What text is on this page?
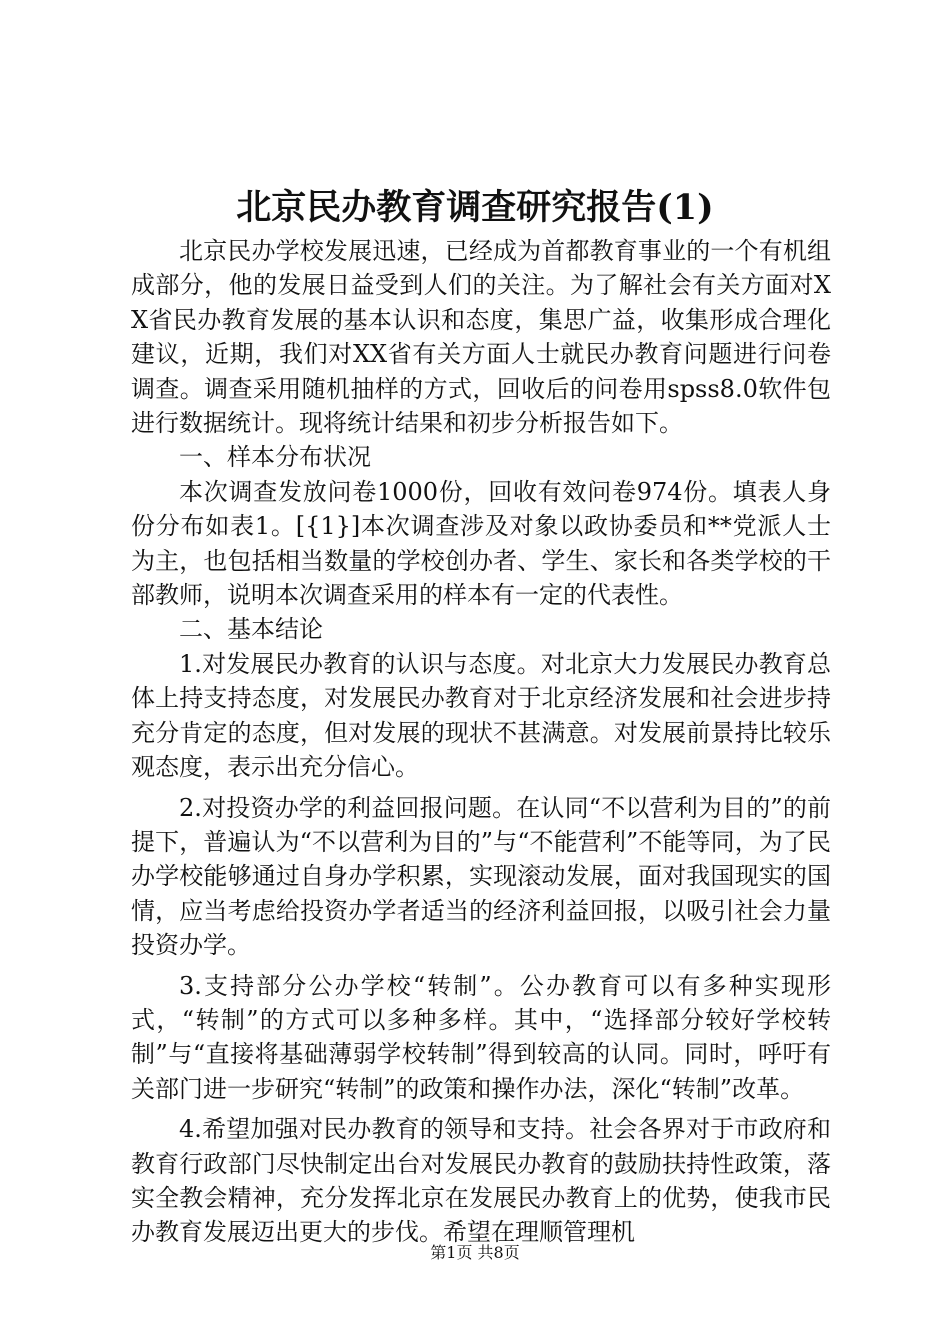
北京民办教育调查研究报告(1)

北京民办学校发展迅速，已经成为首都教育事业的一个有机组成部分，他的发展日益受到人们的关注。为了解社会有关方面对XX省民办教育发展的基本认识和态度，集思广益，收集形成合理化建议，近期，我们对XX省有关方面人士就民办教育问题进行问卷调查。调查采用随机抽样的方式，回收后的问卷用spss8.0软件包进行数据统计。现将统计结果和初步分析报告如下。

一、样本分布状况

本次调查发放问卷1000份，回收有效问卷974份。填表人身份分布如表1。[{1}]本次调查涉及对象以政协委员和**党派人士为主，也包括相当数量的学校创办者、学生、家长和各类学校的干部教师，说明本次调查采用的样本有一定的代表性。

二、基本结论

1.对发展民办教育的认识与态度。对北京大力发展民办教育总体上持支持态度，对发展民办教育对于北京经济发展和社会进步持充分肯定的态度，但对发展的现状不甚满意。对发展前景持比较乐观态度，表示出充分信心。

2.对投资办学的利益回报问题。在认同“不以营利为目的”的前提下，普遍认为“不以营利为目的”与“不能营利”不能等同，为了民办学校能够通过自身办学积累，实现滚动发展，面对我国现实的国情，应当考虑给投资办学者适当的经济利益回报，以吸引社会力量投资办学。

3.支持部分公办学校“转制”。公办教育可以有多种实现形式，“转制”的方式可以多种多样。其中，“选择部分较好学校转制”与“直接将基础薄弱学校转制”得到较高的认同。同时，呼吁有关部门进一步研究“转制”的政策和操作办法，深化“转制”改革。

4.希望加强对民办教育的领导和支持。社会各界对于市政府和教育行政部门尽快制定出台对发展民办教育的鼓励扶持性政策，落实全教会精神，充分发挥北京在发展民办教育上的优势，使我市民办教育发展迈出更大的步伐。希望在理顺管理机

第1页 共8页
